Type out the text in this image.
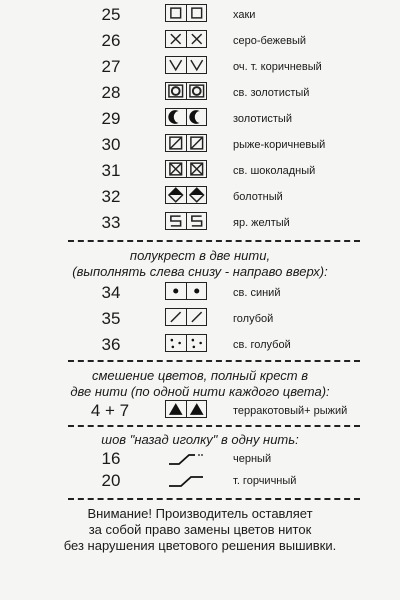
25	хаки
26	серо-бежевый
27	оч. т. коричневый
28	св. золотистый
29	золотистый
30	рыже-коричневый
31	св. шоколадный
32	болотный
33	яр. желтый
полукрест в две нити,
(выполнять слева снизу - направо вверх):
34	св. синий
35	голубой
36	св. голубой
смешение цветов, полный крест в
две нити (по одной нити каждого цвета):
4 + 7	терракотовый+ рыжий
шов "назад иголку" в одну нить:
16	черный
20	т. горчичный
Внимание! Производитель оставляет
за собой право замены цветов ниток
без нарушения цветового решения вышивки.
